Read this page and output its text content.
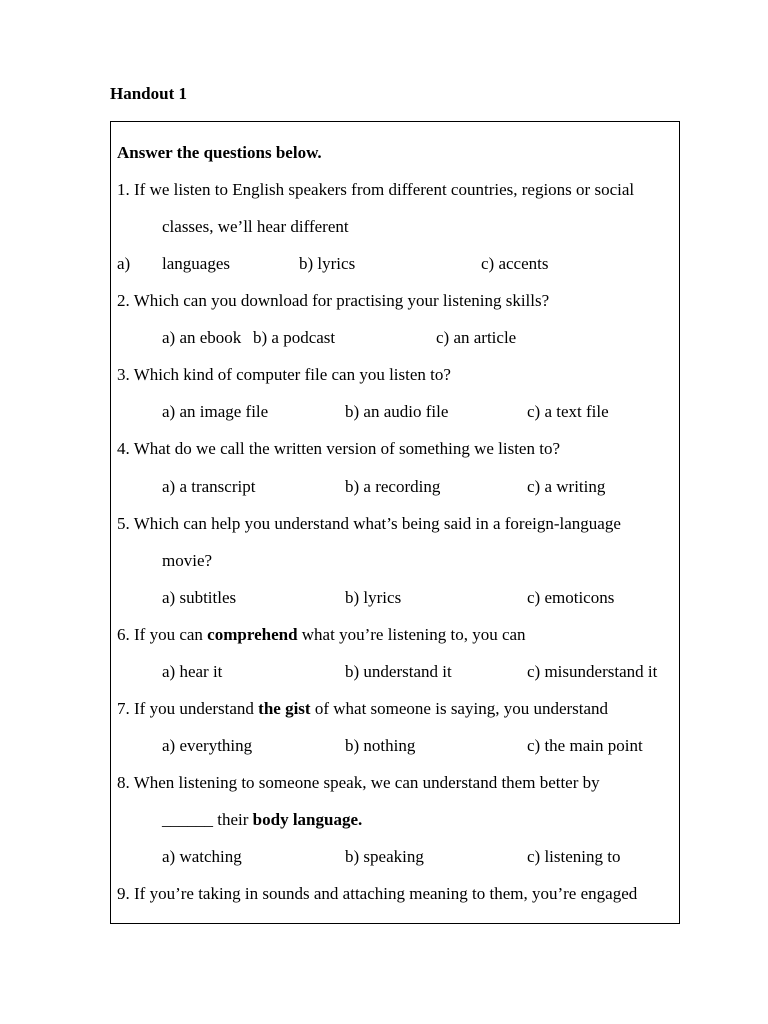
Handout 1
Answer the questions below.
1. If we listen to English speakers from different countries, regions or social
classes, we’ll hear different
a) languages	b) lyrics	c) accents
2. Which can you download for practising your listening skills?
a) an ebook b) a podcast	c) an article
3. Which kind of computer file can you listen to?
a) an image file	b) an audio file	c) a text file
4. What do we call the written version of something we listen to?
a) a transcript	b) a recording	c) a writing
5. Which can help you understand what’s being said in a foreign-language
movie?
a) subtitles	b) lyrics	c) emoticons
6. If you can comprehend what you’re listening to, you can
a) hear it	b) understand it	c) misunderstand it
7. If you understand the gist of what someone is saying, you understand
a) everything	b) nothing	c) the main point
8. When listening to someone speak, we can understand them better by
______ their body language.
a) watching	b) speaking	c) listening to
9. If you’re taking in sounds and attaching meaning to them, you’re engaged
